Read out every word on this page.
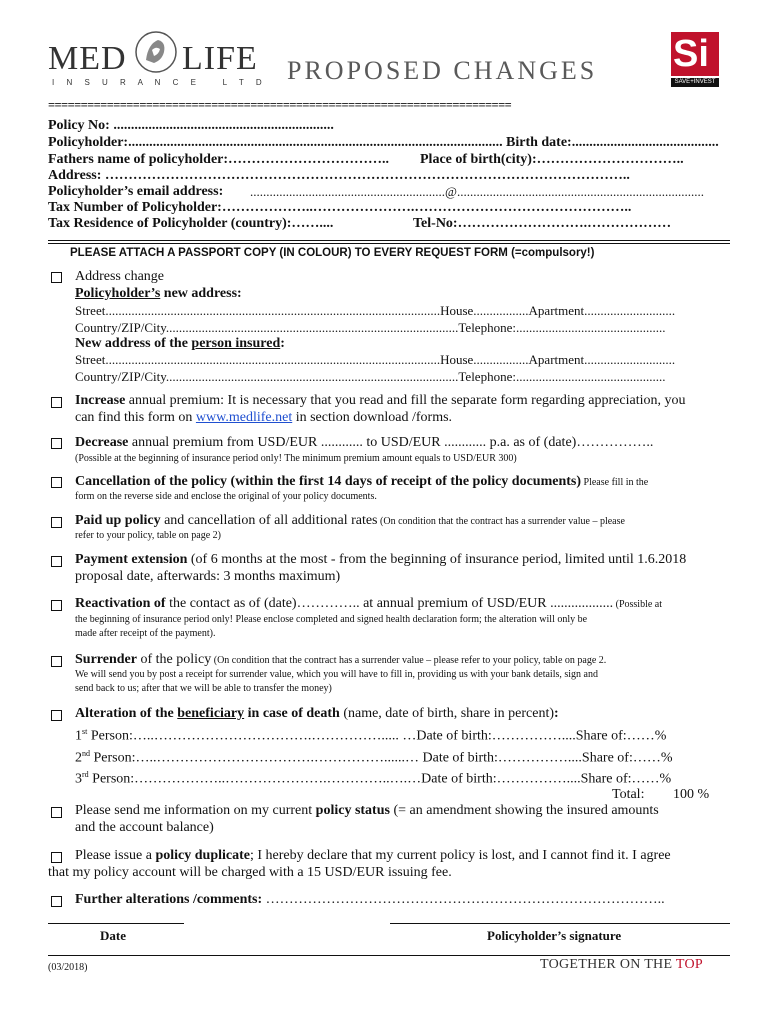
MED LIFE
I N S U R A N C E   L T D PROPOSED CHANGES Si
SAVE+INVEST
=======================================================================
Policy No: ...............................................................
Policyholder:........................................................................................................... Birth date:..........................................
Fathers name of policyholder:…………………………….. Place of birth(city):…………………………..
Address: …………………………………………………………………………………………………..
Policyholder’s email address: ............................................................@............................................................................
Tax Number of Policyholder:………………..………………….………………………………………..
Tax Residence of Policyholder (country):……....	Tel-No:……………………….………………
PLEASE ATTACH A PASSPORT COPY (IN COLOUR) TO EVERY REQUEST FORM (=compulsory!)
Address change
Policyholder’s new address:
Street.......................................................................................................House.................Apartment............................
Country/ZIP/City..........................................................................................Telephone:..............................................
New address of the person insured:
Street.......................................................................................................House.................Apartment............................
Country/ZIP/City..........................................................................................Telephone:..............................................
Increase annual premium: It is necessary that you read and fill the separate form regarding appreciation, you
can find this form on www.medlife.net in section download /forms.
Decrease annual premium from USD/EUR ............ to USD/EUR ............ p.a. as of (date)……………..
(Possible at the beginning of insurance period only! The minimum premium amount equals to USD/EUR 300)
Cancellation of the policy (within the first 14 days of receipt of the policy documents) Please fill in the
form on the reverse side and enclose the original of your policy documents.
Paid up policy and cancellation of all additional rates (On condition that the contract has a surrender value – please
refer to your policy, table on page 2)
Payment extension (of 6 months at the most - from the beginning of insurance period, limited until 1.6.2018
proposal date, afterwards: 3 months maximum)
Reactivation of the contact as of (date)………….. at annual premium of USD/EUR .................. (Possible at
the beginning of insurance period only! Please enclose completed and signed health declaration form; the alteration will only be
made after receipt of the payment).
Surrender of the policy (On condition that the contract has a surrender value – please refer to your policy, table on page 2.
We will send you by post a receipt for surrender value, which you will have to fill in, providing us with your bank details, sign and
send back to us; after that we will be able to transfer the money)
Alteration of the beneficiary in case of death (name, date of birth, share in percent):
1st Person:…..…………………………….……………..... …Date of birth:……………....Share of:……%
2nd Person:…..…………………………….……………......… Date of birth:……………....Share of:……%
3rd Person:………………..………………….…………..….…Date of birth:……………....Share of:……%
Total: 100 %
Please send me information on my current policy status (= an amendment showing the insured amounts
and the account balance)
Please issue a policy duplicate; I hereby declare that my current policy is lost, and I cannot find it. I agree
that my policy account will be charged with a 15 USD/EUR issuing fee.
Further alterations /comments: …………………………………………………………………………..
Date	Policyholder’s signature
(03/2018)	TOGETHER ON THE TOP
